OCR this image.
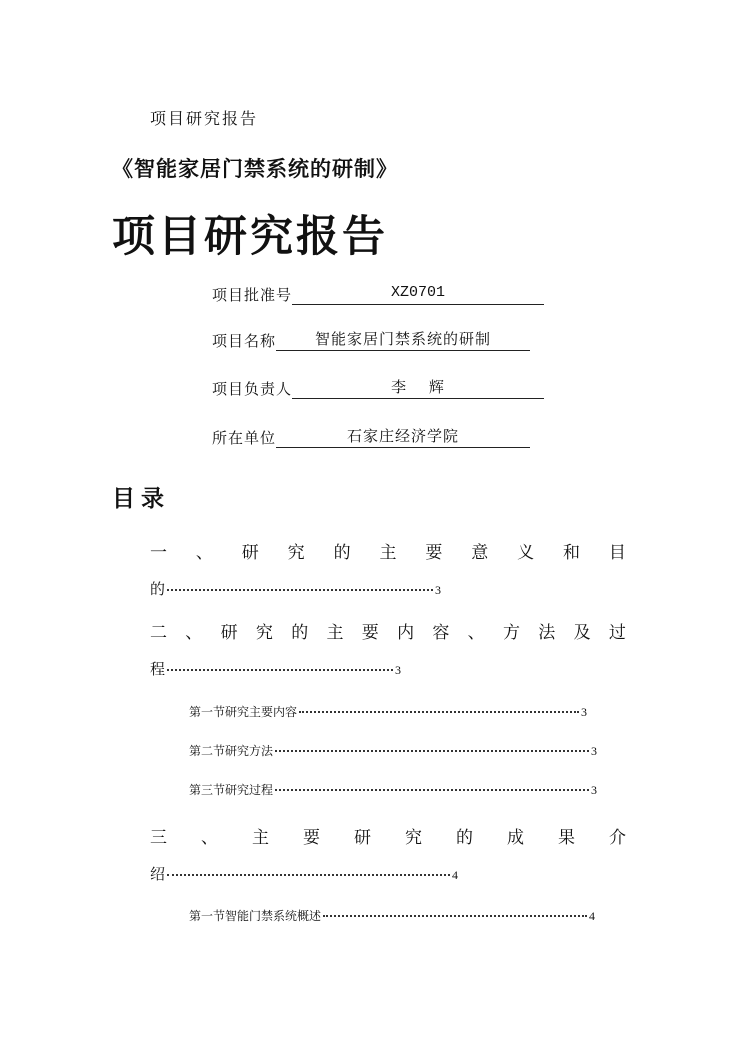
项目研究报告
《智能家居门禁系统的研制》
项目研究报告
项目批准号	XZ0701
项目名称	智能家居门禁系统的研制
项目负责人	李　 辉
所在单位	石家庄经济学院
目录
一 、 研 究 的 主 要 意 义 和 目
的	3
二 、 研 究 的 主 要 内 容 、 方 法 及 过
程	3
第一节研究主要内容	3
第二节研究方法	3
第三节研究过程	3
三 、 主 要 研 究 的 成 果 介
绍	4
第一节智能门禁系统概述	4
